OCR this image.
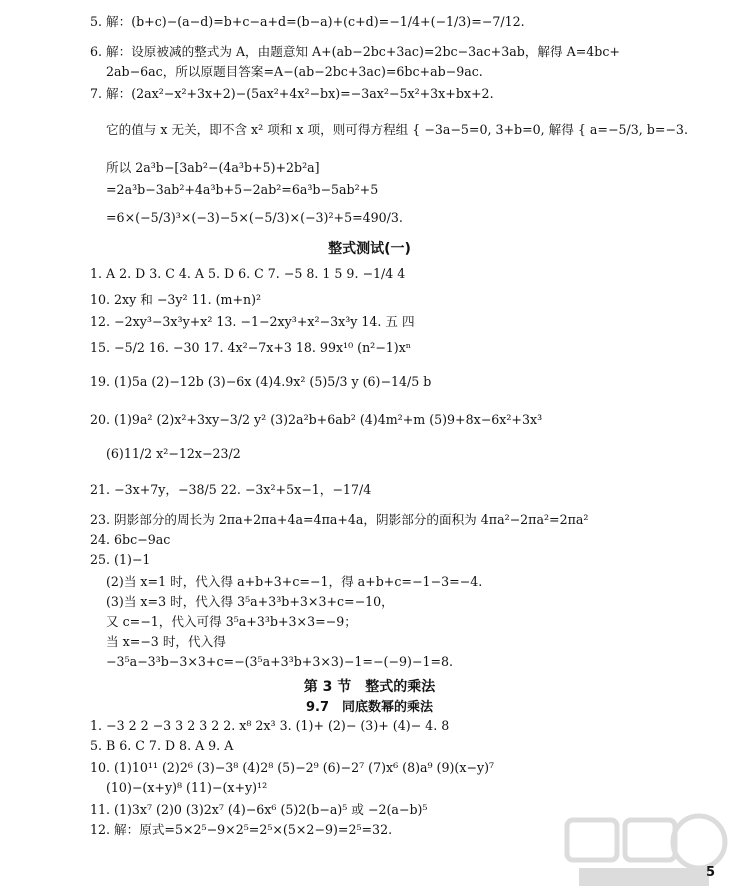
5. 解：(b+c)−(a−d)=b+c−a+d=(b−a)+(c+d)=−1/4+(−1/3)=−7/12.
6. 解：设原被减的整式为 A，由题意知 A+(ab−2bc+3ac)=2bc−3ac+3ab，解得 A=4bc+
2ab−6ac，所以原题目答案=A−(ab−2bc+3ac)=6bc+ab−9ac.
7. 解：(2ax²−x²+3x+2)−(5ax²+4x²−bx)=−3ax²−5x²+3x+bx+2.
它的值与 x 无关，即不含 x² 项和 x 项，则可得方程组 { −3a−5=0, 3+b=0, 解得 { a=−5/3, b=−3.
所以 2a³b−[3ab²−(4a³b+5)+2b²a]
=2a³b−3ab²+4a³b+5−2ab²=6a³b−5ab²+5
=6×(−5/3)³×(−3)−5×(−5/3)×(−3)²+5=490/3.
整式测试(一)
1. A 2. D 3. C 4. A 5. D 6. C 7. −5 8. 1 5 9. −1/4 4
10. 2xy 和 −3y² 11. (m+n)²
12. −2xy³−3x³y+x² 13. −1−2xy³+x²−3x³y 14. 五 四
15. −5/2 16. −30 17. 4x²−7x+3 18. 99x¹⁰ (n²−1)xⁿ
19. (1)5a (2)−12b (3)−6x (4)4.9x² (5)5/3 y (6)−14/5 b
20. (1)9a² (2)x²+3xy−3/2 y² (3)2a²b+6ab² (4)4m²+m (5)9+8x−6x²+3x³
(6)11/2 x²−12x−23/2
21. −3x+7y，−38/5 22. −3x²+5x−1，−17/4
23. 阴影部分的周长为 2πa+2πa+4a=4πa+4a，阴影部分的面积为 4πa²−2πa²=2πa²
24. 6bc−9ac
25. (1)−1
(2)当 x=1 时，代入得 a+b+3+c=−1，得 a+b+c=−1−3=−4.
(3)当 x=3 时，代入得 3⁵a+3³b+3×3+c=−10，
又 c=−1，代入可得 3⁵a+3³b+3×3=−9；
当 x=−3 时，代入得
−3⁵a−3³b−3×3+c=−(3⁵a+3³b+3×3)−1=−(−9)−1=8.
第 3 节　整式的乘法
9.7　同底数幂的乘法
1. −3 2 2 −3 3 2 3 2 2. x⁸ 2x³ 3. (1)+ (2)− (3)+ (4)− 4. 8
5. B 6. C 7. D 8. A 9. A
10. (1)10¹¹ (2)2⁶ (3)−3⁸ (4)2⁸ (5)−2⁹ (6)−2⁷ (7)x⁶ (8)a⁹ (9)(x−y)⁷
(10)−(x+y)⁸ (11)−(x+y)¹²
11. (1)3x⁷ (2)0 (3)2x⁷ (4)−6x⁶ (5)2(b−a)⁵ 或 −2(a−b)⁵
12. 解：原式=5×2⁵−9×2⁵=2⁵×(5×2−9)=2⁵=32.
5
